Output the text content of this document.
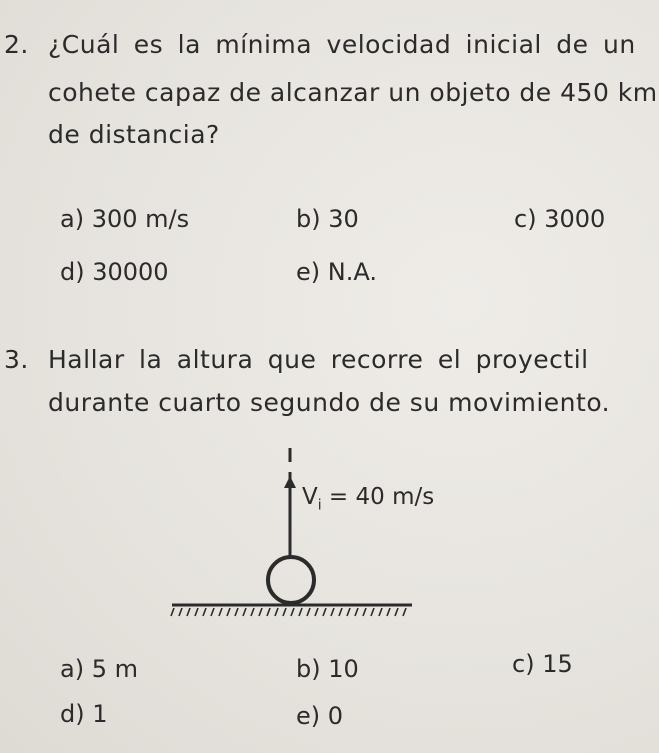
2. ¿Cuál es la mínima velocidad inicial de un
cohete capaz de alcanzar un objeto de 450 km
de distancia?
a) 300 m/s	b) 30	c) 3000
d) 30000	e) N.A.
3. Hallar la altura que recorre el proyectil
durante cuarto segundo de su movimiento.
$V_i = 40$ m/s
a) 5 m	b) 10	c) 15
d) 1	e) 0
